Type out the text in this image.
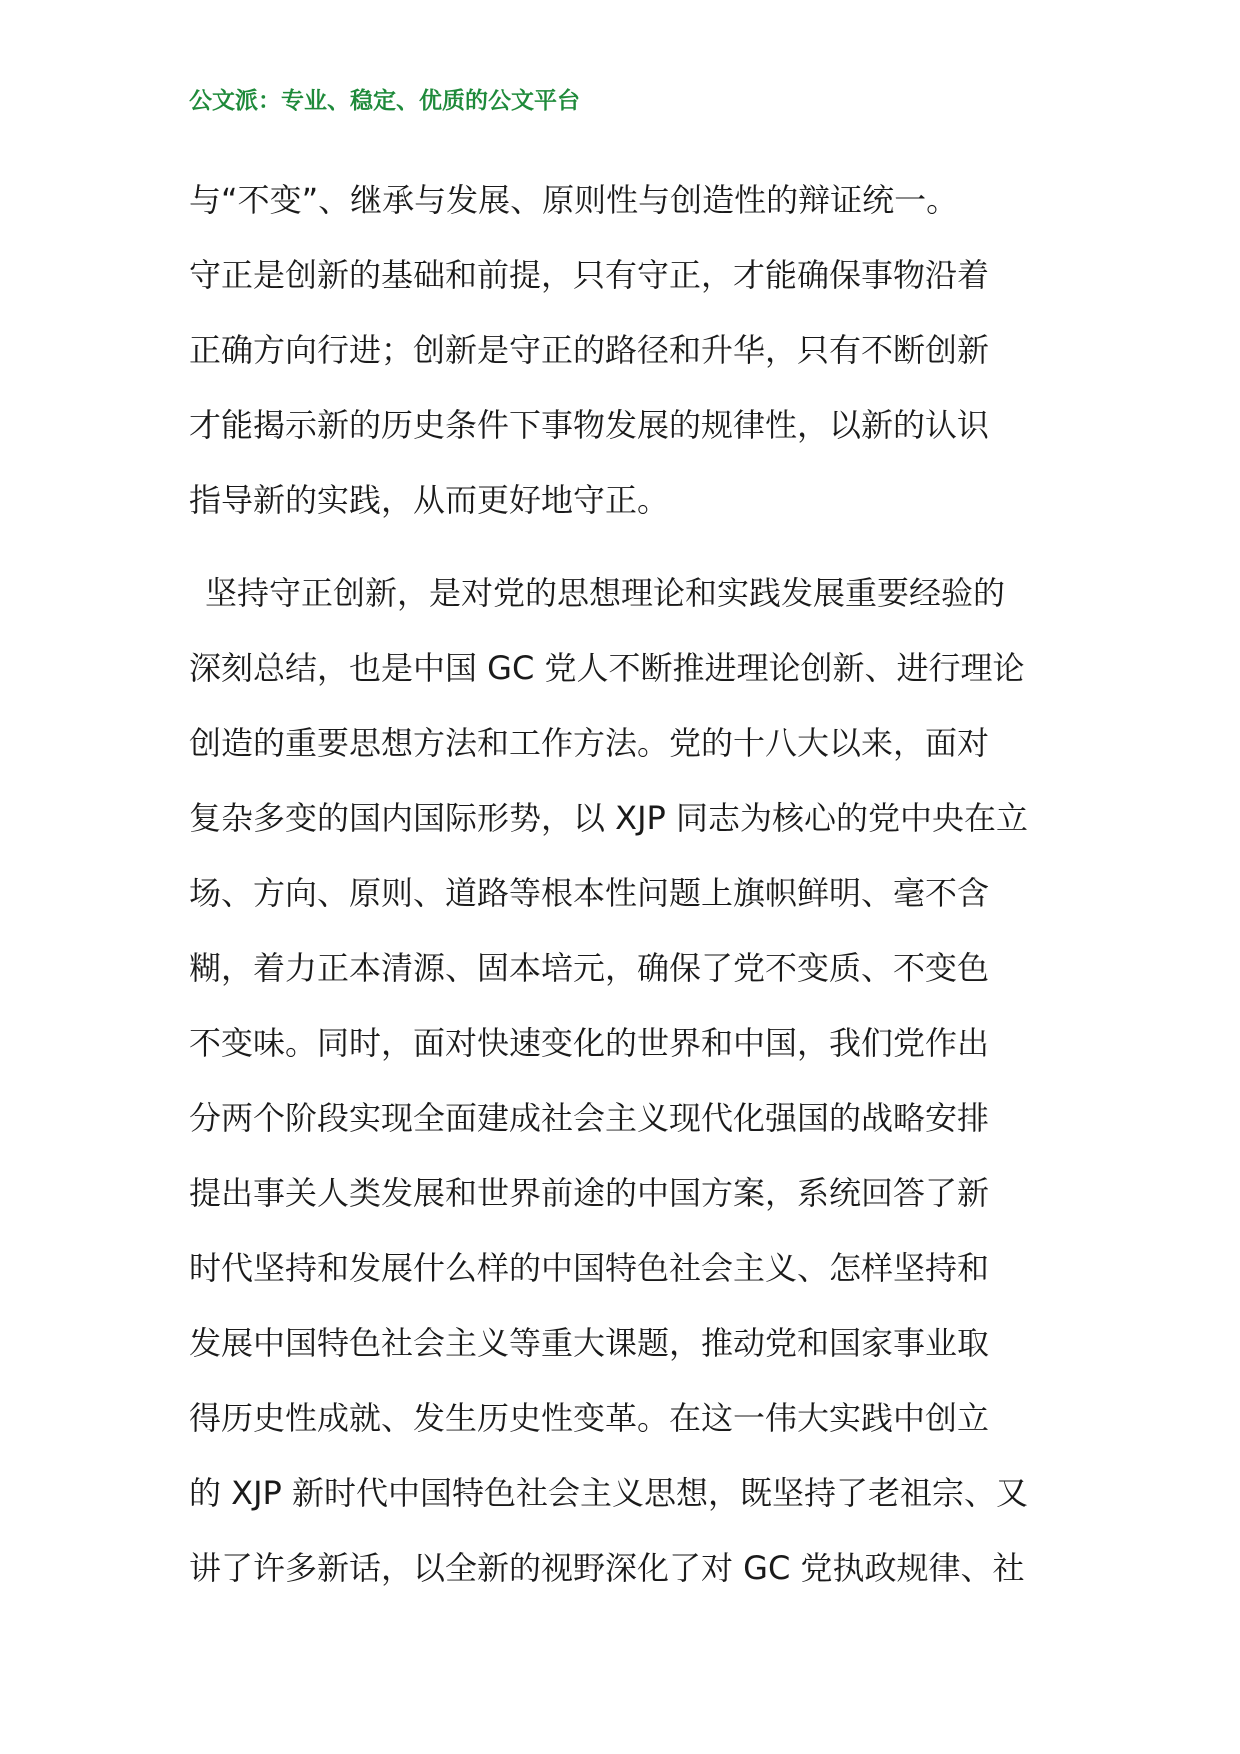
公文派：专业、稳定、优质的公文平台
与“不变”、继承与发展、原则性与创造性的辩证统一。
守正是创新的基础和前提，只有守正，才能确保事物沿着
正确方向行进；创新是守正的路径和升华，只有不断创新
才能揭示新的历史条件下事物发展的规律性，以新的认识
指导新的实践，从而更好地守正。
坚持守正创新，是对党的思想理论和实践发展重要经验的
深刻总结，也是中国 GC 党人不断推进理论创新、进行理论
创造的重要思想方法和工作方法。党的十八大以来，面对
复杂多变的国内国际形势，以 XJP 同志为核心的党中央在立
场、方向、原则、道路等根本性问题上旗帜鲜明、毫不含
糊，着力正本清源、固本培元，确保了党不变质、不变色
不变味。同时，面对快速变化的世界和中国，我们党作出
分两个阶段实现全面建成社会主义现代化强国的战略安排
提出事关人类发展和世界前途的中国方案，系统回答了新
时代坚持和发展什么样的中国特色社会主义、怎样坚持和
发展中国特色社会主义等重大课题，推动党和国家事业取
得历史性成就、发生历史性变革。在这一伟大实践中创立
的 XJP 新时代中国特色社会主义思想，既坚持了老祖宗、又
讲了许多新话，以全新的视野深化了对 GC 党执政规律、社
